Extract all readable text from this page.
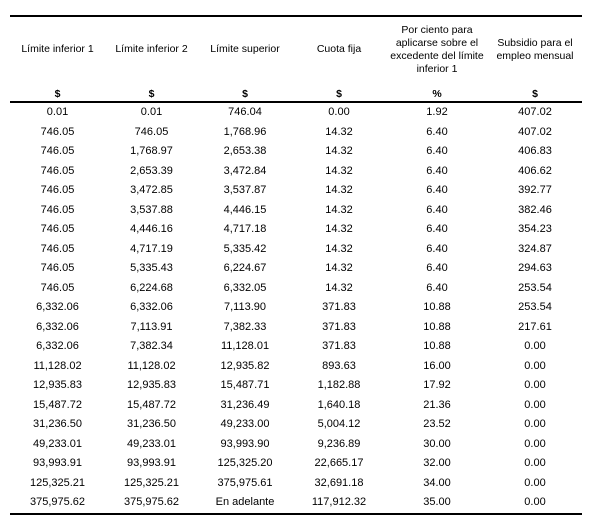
Límite inferior 1	Límite inferior 2	Límite superior	Cuota fija	Por ciento para aplicarse sobre el excedente del límite inferior 1	Subsidio para el empleo mensual
$	$	$	$	%	$
0.01	0.01	746.04	0.00	1.92	407.02
746.05	746.05	1,768.96	14.32	6.40	407.02
746.05	1,768.97	2,653.38	14.32	6.40	406.83
746.05	2,653.39	3,472.84	14.32	6.40	406.62
746.05	3,472.85	3,537.87	14.32	6.40	392.77
746.05	3,537.88	4,446.15	14.32	6.40	382.46
746.05	4,446.16	4,717.18	14.32	6.40	354.23
746.05	4,717.19	5,335.42	14.32	6.40	324.87
746.05	5,335.43	6,224.67	14.32	6.40	294.63
746.05	6,224.68	6,332.05	14.32	6.40	253.54
6,332.06	6,332.06	7,113.90	371.83	10.88	253.54
6,332.06	7,113.91	7,382.33	371.83	10.88	217.61
6,332.06	7,382.34	11,128.01	371.83	10.88	0.00
11,128.02	11,128.02	12,935.82	893.63	16.00	0.00
12,935.83	12,935.83	15,487.71	1,182.88	17.92	0.00
15,487.72	15,487.72	31,236.49	1,640.18	21.36	0.00
31,236.50	31,236.50	49,233.00	5,004.12	23.52	0.00
49,233.01	49,233.01	93,993.90	9,236.89	30.00	0.00
93,993.91	93,993.91	125,325.20	22,665.17	32.00	0.00
125,325.21	125,325.21	375,975.61	32,691.18	34.00	0.00
375,975.62	375,975.62	En adelante	117,912.32	35.00	0.00
